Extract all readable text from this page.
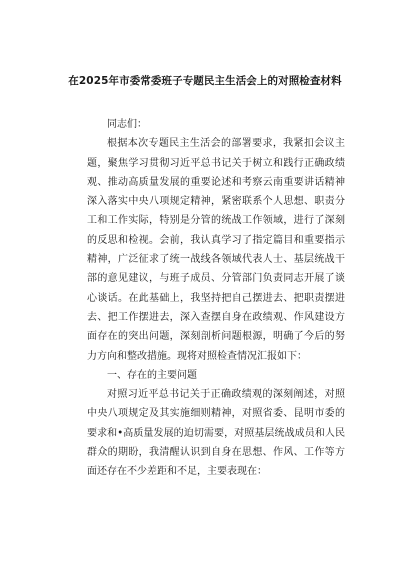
在2025年市委常委班子专题民主生活会上的对照检查材料
同志们：
根据本次专题民主生活会的部署要求，我紧扣会议主
题，聚焦学习贯彻习近平总书记关于树立和践行正确政绩
观、推动高质量发展的重要论述和考察云南重要讲话精神
深入落实中央八项规定精神，紧密联系个人思想、职责分
工和工作实际，特别是分管的统战工作领域，进行了深刻
的反思和检视。会前，我认真学习了指定篇目和重要指示
精神，广泛征求了统一战线各领域代表人士、基层统战干
部的意见建议，与班子成员、分管部门负责同志开展了谈
心谈话。在此基础上，我坚持把自己摆进去、把职责摆进
去、把工作摆进去，深入查摆自身在政绩观、作风建设方
面存在的突出问题，深刻剖析问题根源，明确了今后的努
力方向和整改措施。现将对照检查情况汇报如下：
一、存在的主要问题
对照习近平总书记关于正确政绩观的深刻阐述，对照
中央八项规定及其实施细则精神，对照省委、昆明市委的
要求和•高质量发展的迫切需要，对照基层统战成员和人民
群众的期盼，我清醒认识到自身在思想、作风、工作等方
面还存在不少差距和不足，主要表现在：
